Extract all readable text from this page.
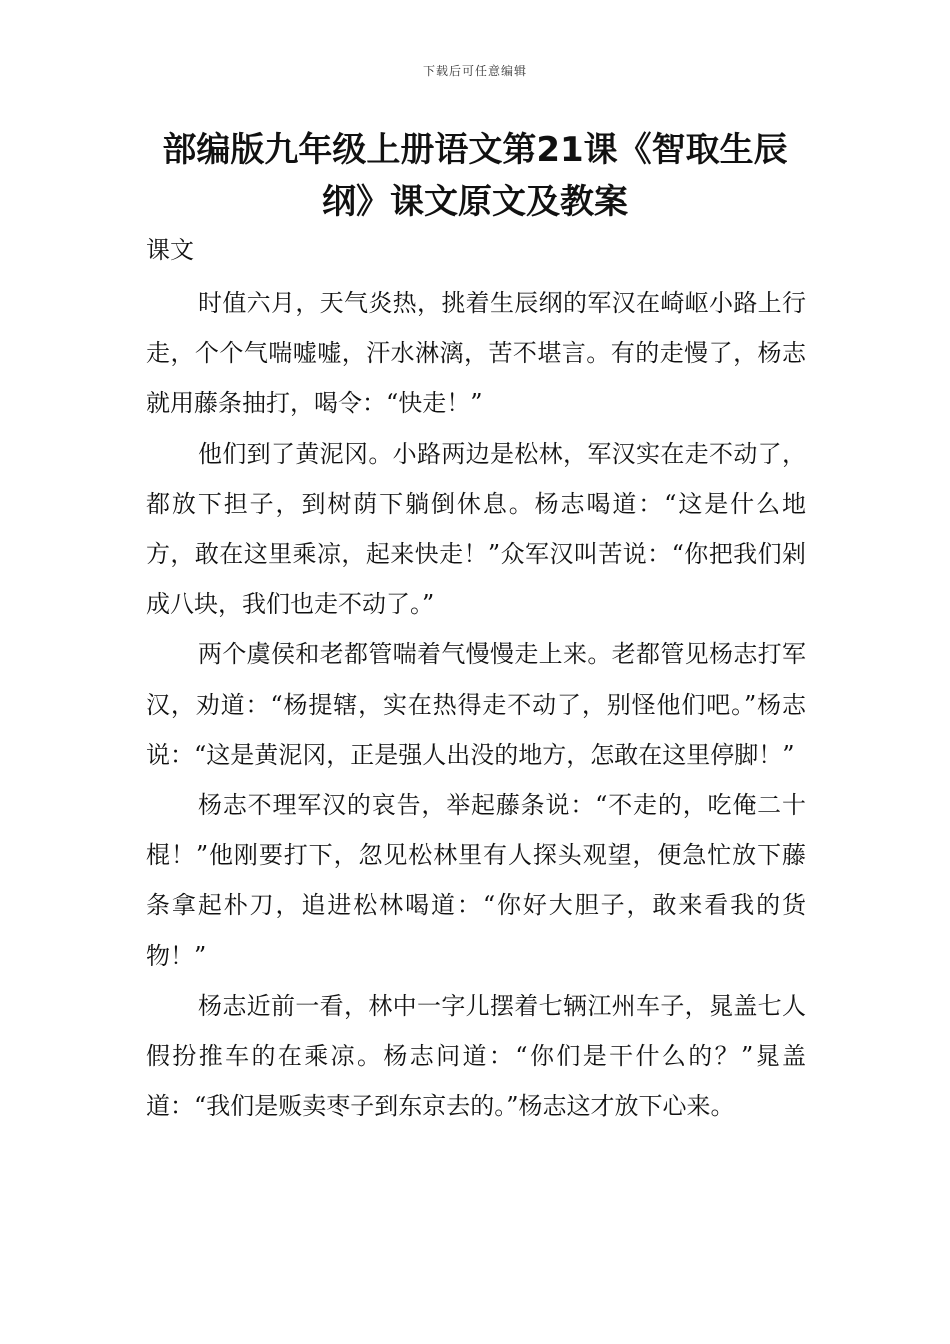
下载后可任意编辑
部编版九年级上册语文第21课《智取生辰纲》课文原文及教案
课文

时值六月，天气炎热，挑着生辰纲的军汉在崎岖小路上行走，个个气喘嘘嘘，汗水淋漓，苦不堪言。有的走慢了，杨志就用藤条抽打，喝令：“快走！”

他们到了黄泥冈。小路两边是松林，军汉实在走不动了，都放下担子，到树荫下躺倒休息。杨志喝道：“这是什么地方，敢在这里乘凉，起来快走！”众军汉叫苦说：“你把我们剁成八块，我们也走不动了。”

两个虞侯和老都管喘着气慢慢走上来。老都管见杨志打军汉，劝道：“杨提辖，实在热得走不动了，别怪他们吧。”杨志说：“这是黄泥冈，正是强人出没的地方，怎敢在这里停脚！”

杨志不理军汉的哀告，举起藤条说：“不走的，吃俺二十棍！”他刚要打下，忽见松林里有人探头观望，便急忙放下藤条拿起朴刀，追进松林喝道：“你好大胆子，敢来看我的货物！”

杨志近前一看，林中一字儿摆着七辆江州车子，晁盖七人假扮推车的在乘凉。杨志问道：“你们是干什么的？”晁盖道：“我们是贩卖枣子到东京去的。”杨志这才放下心来。
